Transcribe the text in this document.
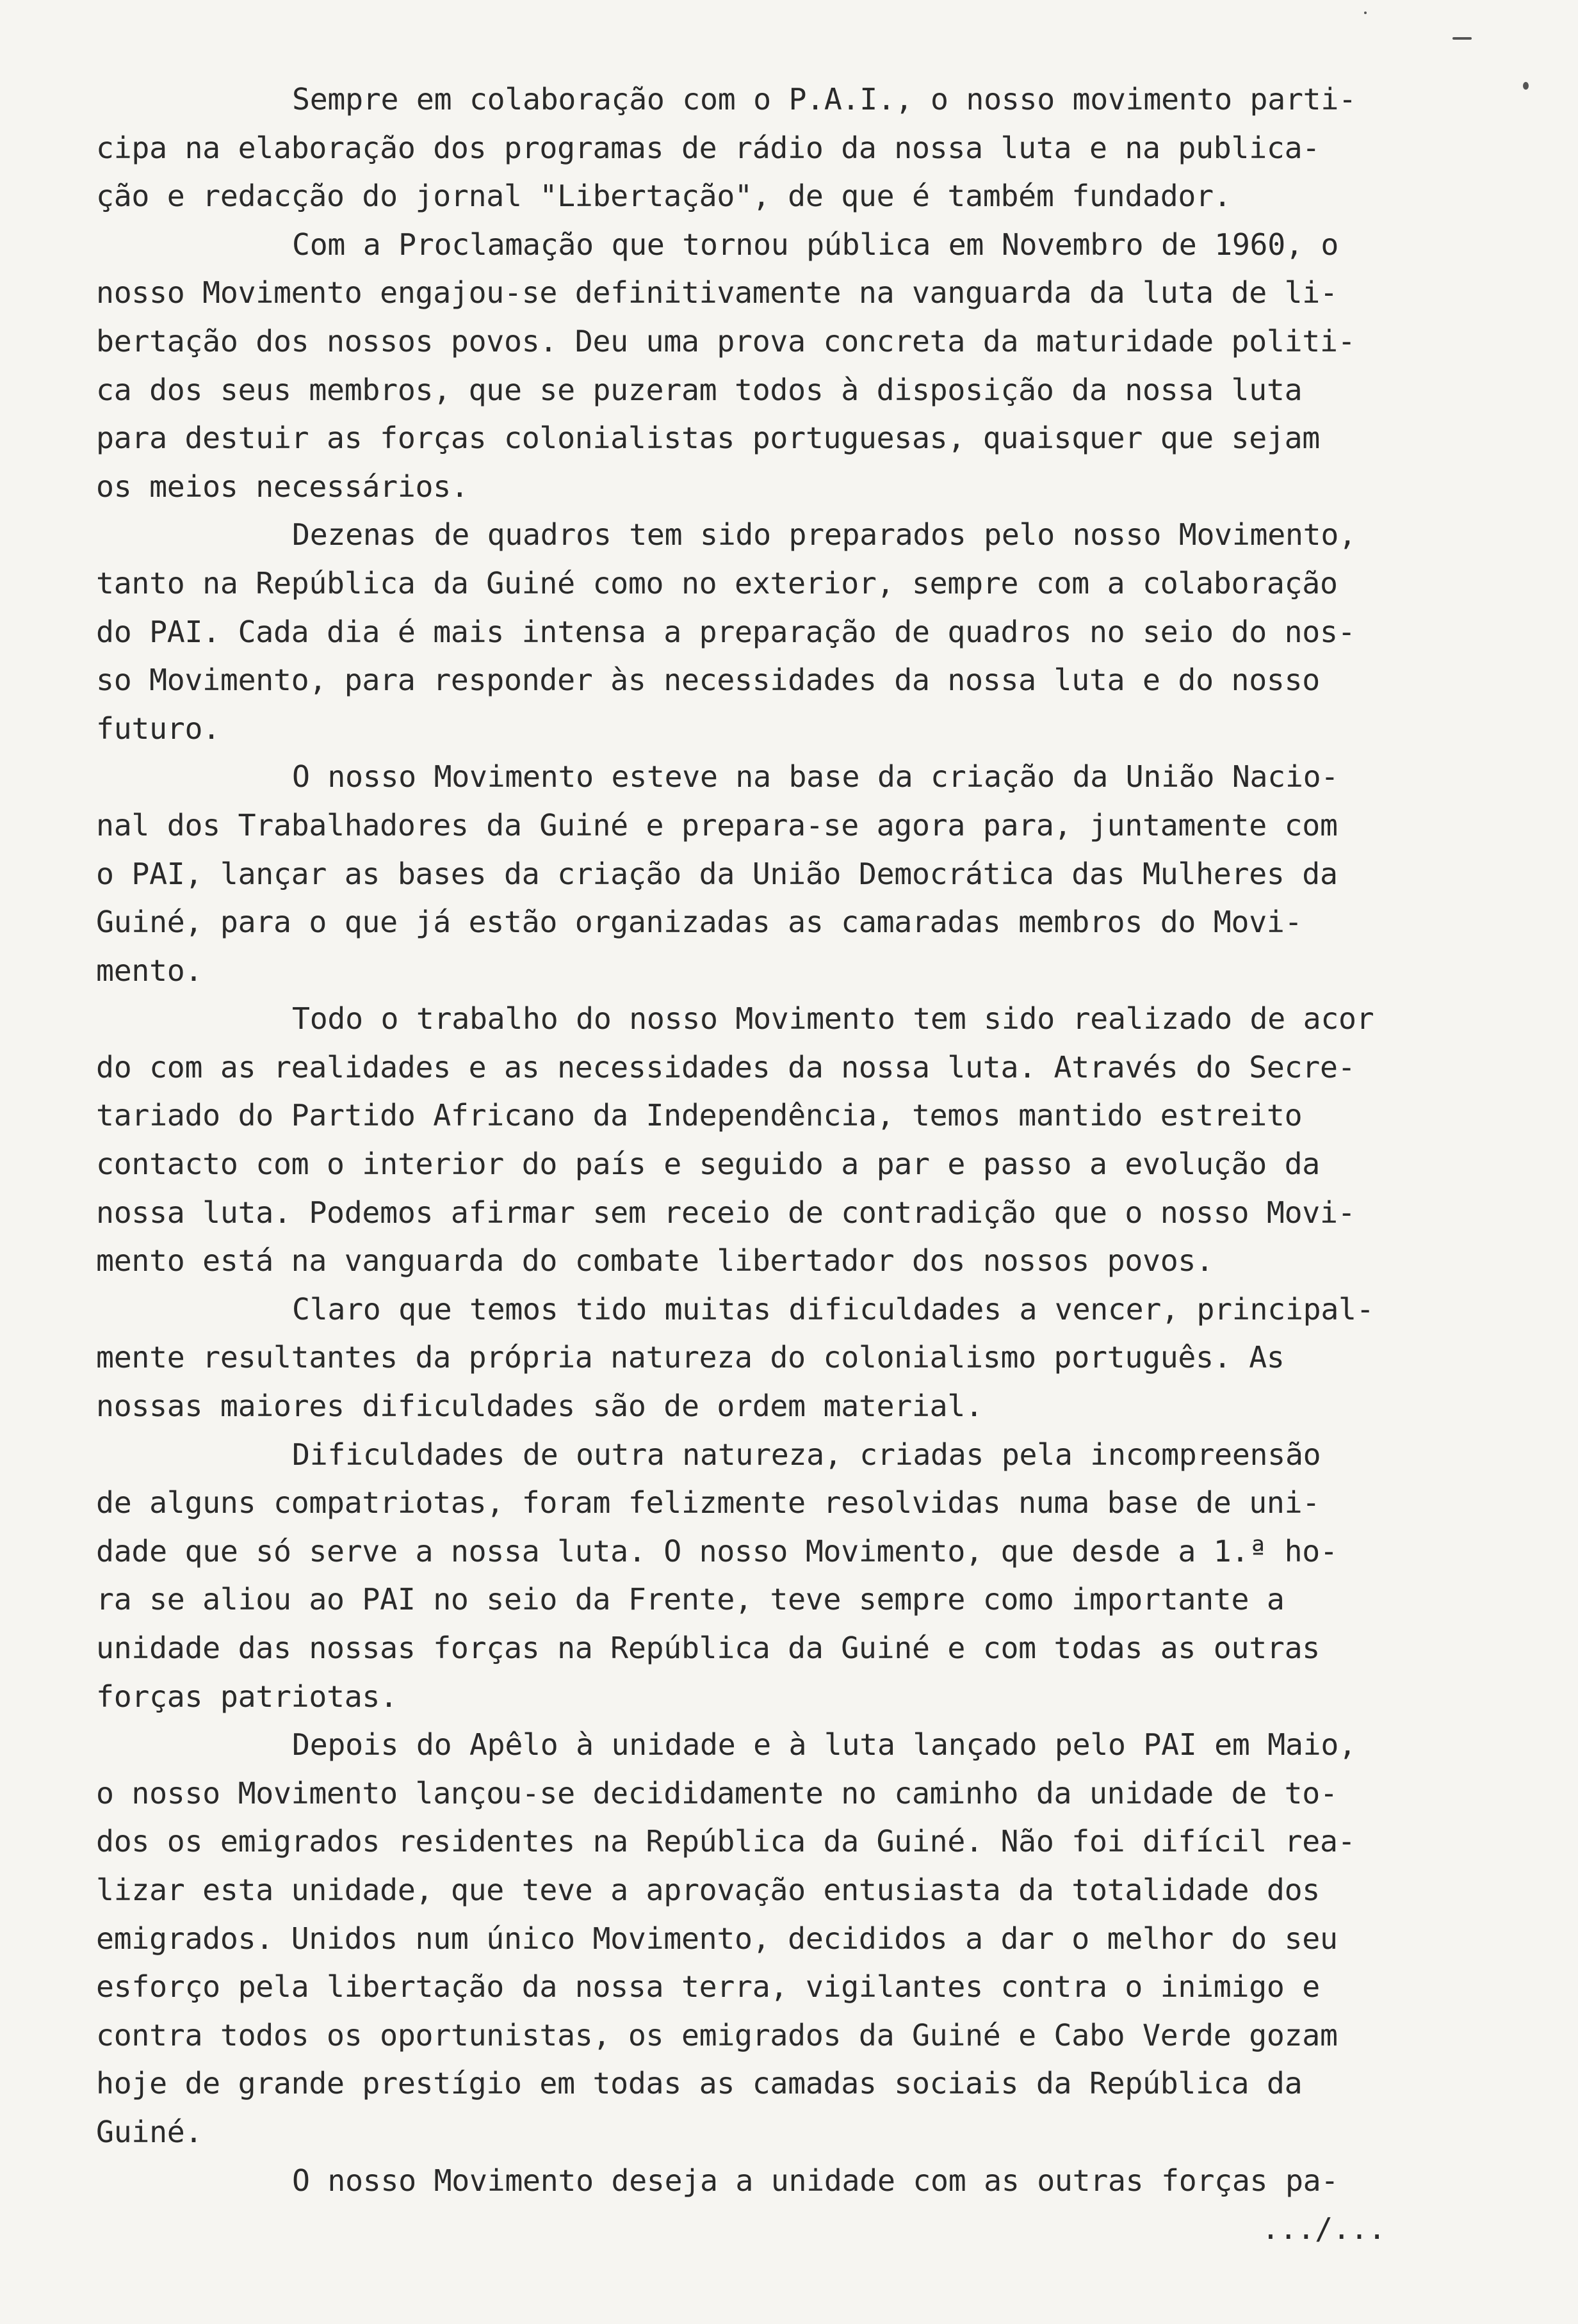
Sempre em colaboração com o P.A.I., o nosso movimento parti-
cipa na elaboração dos programas de rádio da nossa luta e na publica-
ção e redacção do jornal "Libertação", de que é também fundador.
Com a Proclamação que tornou pública em Novembro de 1960, o
nosso Movimento engajou-se definitivamente na vanguarda da luta de li-
bertação dos nossos povos. Deu uma prova concreta da maturidade politi-
ca dos seus membros, que se puzeram todos à disposição da nossa luta
para destuir as forças colonialistas portuguesas, quaisquer que sejam
os meios necessários.
Dezenas de quadros tem sido preparados pelo nosso Movimento,
tanto na República da Guiné como no exterior, sempre com a colaboração
do PAI. Cada dia é mais intensa a preparação de quadros no seio do nos-
so Movimento, para responder às necessidades da nossa luta e do nosso
futuro.
O nosso Movimento esteve na base da criação da União Nacio-
nal dos Trabalhadores da Guiné e prepara-se agora para, juntamente com
o PAI, lançar as bases da criação da União Democrática das Mulheres da
Guiné, para o que já estão organizadas as camaradas membros do Movi-
mento.
Todo o trabalho do nosso Movimento tem sido realizado de acor
do com as realidades e as necessidades da nossa luta. Através do Secre-
tariado do Partido Africano da Independência, temos mantido estreito
contacto com o interior do país e seguido a par e passo a evolução da
nossa luta. Podemos afirmar sem receio de contradição que o nosso Movi-
mento está na vanguarda do combate libertador dos nossos povos.
Claro que temos tido muitas dificuldades a vencer, principal-
mente resultantes da própria natureza do colonialismo português. As
nossas maiores dificuldades são de ordem material.
Dificuldades de outra natureza, criadas pela incompreensão
de alguns compatriotas, foram felizmente resolvidas numa base de uni-
dade que só serve a nossa luta. O nosso Movimento, que desde a 1.ª ho-
ra se aliou ao PAI no seio da Frente, teve sempre como importante a
unidade das nossas forças na República da Guiné e com todas as outras
forças patriotas.
Depois do Apêlo à unidade e à luta lançado pelo PAI em Maio,
o nosso Movimento lançou-se decididamente no caminho da unidade de to-
dos os emigrados residentes na República da Guiné. Não foi difícil rea-
lizar esta unidade, que teve a aprovação entusiasta da totalidade dos
emigrados. Unidos num único Movimento, decididos a dar o melhor do seu
esforço pela libertação da nossa terra, vigilantes contra o inimigo e
contra todos os oportunistas, os emigrados da Guiné e Cabo Verde gozam
hoje de grande prestígio em todas as camadas sociais da República da
Guiné.
O nosso Movimento deseja a unidade com as outras forças pa-
.../...
